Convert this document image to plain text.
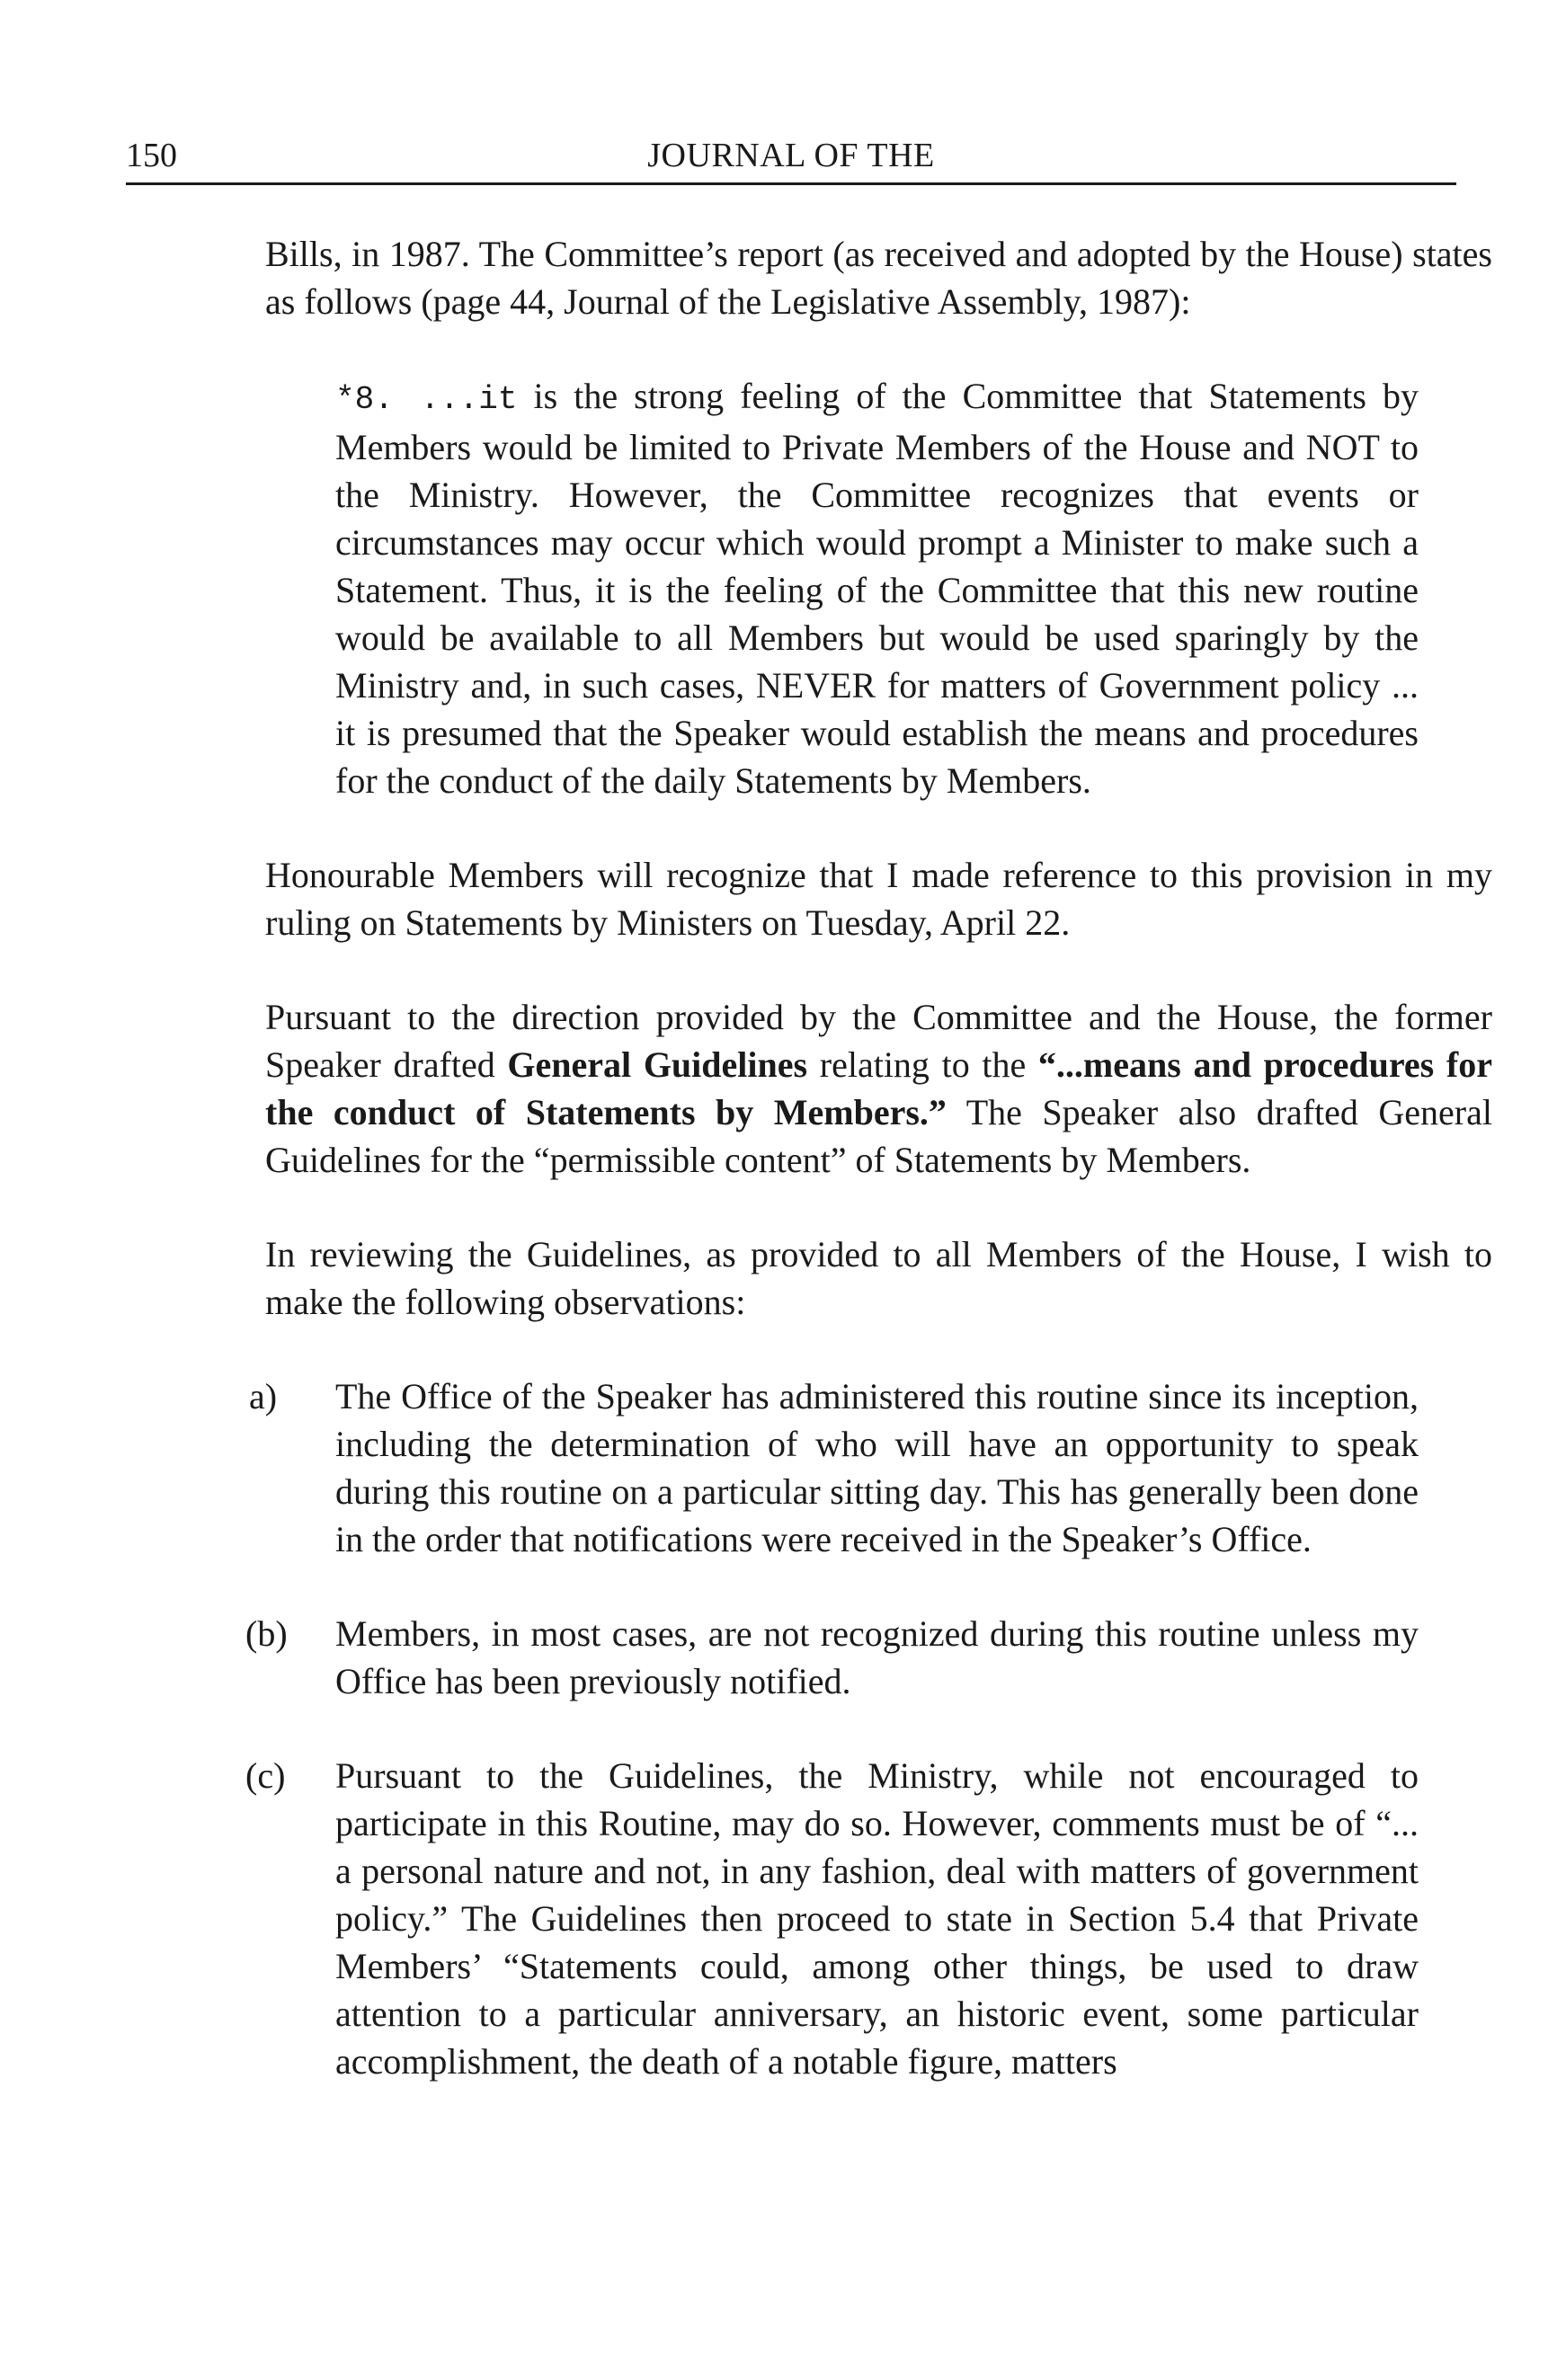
150	JOURNAL OF THE

Bills, in 1987. The Committee’s report (as received and adopted by the House) states as follows (page 44, Journal of the Legislative Assembly, 1987):

*8. ...it is the strong feeling of the Committee that Statements by Members would be limited to Private Members of the House and NOT to the Ministry. However, the Committee recognizes that events or circumstances may occur which would prompt a Minister to make such a Statement. Thus, it is the feeling of the Committee that this new routine would be available to all Members but would be used sparingly by the Ministry and, in such cases, NEVER for matters of Government policy ... it is presumed that the Speaker would establish the means and procedures for the conduct of the daily Statements by Members.

Honourable Members will recognize that I made reference to this provision in my ruling on Statements by Ministers on Tuesday, April 22.

Pursuant to the direction provided by the Committee and the House, the former Speaker drafted General Guidelines relating to the “...means and procedures for the conduct of Statements by Members.” The Speaker also drafted General Guidelines for the “permissible content” of Statements by Members.

In reviewing the Guidelines, as provided to all Members of the House, I wish to make the following observations:

a) The Office of the Speaker has administered this routine since its inception, including the determination of who will have an opportunity to speak during this routine on a particular sitting day. This has generally been done in the order that notifications were received in the Speaker’s Office.
(b) Members, in most cases, are not recognized during this routine unless my Office has been previously notified.
(c) Pursuant to the Guidelines, the Ministry, while not encouraged to participate in this Routine, may do so. However, comments must be of “... a personal nature and not, in any fashion, deal with matters of government policy.” The Guidelines then proceed to state in Section 5.4 that Private Members’ “Statements could, among other things, be used to draw attention to a particular anniversary, an historic event, some particular accomplishment, the death of a notable figure, matters
